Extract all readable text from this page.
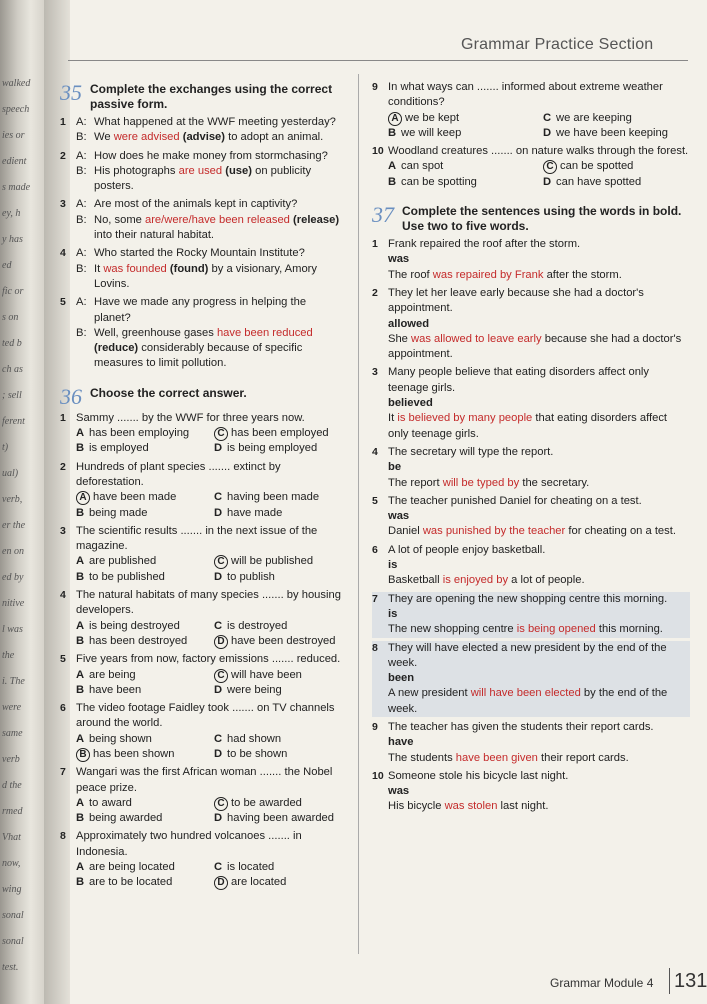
walked
speech
ies or
edient
s made
ey, h
y has
ed
fic or
s on
ted b
ch as
; sell
ferent
t)
ual)
verb,
er the
en on
ed by
nitive
l was
the
i. The
were
same
verb
d the
rmed
Vhat
now,
wing
sonal
sonal
test.
Grammar Practice Section
35 Complete the exchanges using the correct passive form.
1 A: What happened at the WWF meeting yesterday?
B: We were advised (advise) to adopt an animal.
2 A: How does he make money from stormchasing?
B: His photographs are used (use) on publicity posters.
3 A: Are most of the animals kept in captivity?
B: No, some are/were/have been released (release) into their natural habitat.
4 A: Who started the Rocky Mountain Institute?
B: It was founded (found) by a visionary, Amory Lovins.
5 A: Have we made any progress in helping the planet?
B: Well, greenhouse gases have been reduced (reduce) considerably because of specific measures to limit pollution.
36 Choose the correct answer.
1 Sammy ....... by the WWF for three years now.
A has been employing	C has been employed
B is employed	D is being employed
2 Hundreds of plant species ....... extinct by deforestation.
A have been made	C having been made
B being made	D have made
3 The scientific results ....... in the next issue of the magazine.
A are published	C will be published
B to be published	D to publish
4 The natural habitats of many species ....... by housing developers.
A is being destroyed	C is destroyed
B has been destroyed	D have been destroyed
5 Five years from now, factory emissions ....... reduced.
A are being	C will have been
B have been	D were being
6 The video footage Faidley took ....... on TV channels around the world.
A being shown	C had shown
B has been shown	D to be shown
7 Wangari was the first African woman ....... the Nobel peace prize.
A to award	C to be awarded
B being awarded	D having been awarded
8 Approximately two hundred volcanoes ....... in Indonesia.
A are being located	C is located
B are to be located	D are located
9 In what ways can ....... informed about extreme weather conditions?
A we be kept	C we are keeping
B we will keep	D we have been keeping
10 Woodland creatures ....... on nature walks through the forest.
A can spot	C can be spotted
B can be spotting	D can have spotted
37 Complete the sentences using the words in bold. Use two to five words.
1 Frank repaired the roof after the storm.
was
The roof was repaired by Frank after the storm.
2 They let her leave early because she had a doctor's appointment.
allowed
She was allowed to leave early because she had a doctor's appointment.
3 Many people believe that eating disorders affect only teenage girls.
believed
It is believed by many people that eating disorders affect only teenage girls.
4 The secretary will type the report.
be
The report will be typed by the secretary.
5 The teacher punished Daniel for cheating on a test.
was
Daniel was punished by the teacher for cheating on a test.
6 A lot of people enjoy basketball.
is
Basketball is enjoyed by a lot of people.
7 They are opening the new shopping centre this morning.
is
The new shopping centre is being opened this morning.
8 They will have elected a new president by the end of the week.
been
A new president will have been elected by the end of the week.
9 The teacher has given the students their report cards.
have
The students have been given their report cards.
10 Someone stole his bicycle last night.
was
His bicycle was stolen last night.
Grammar Module 4 131
